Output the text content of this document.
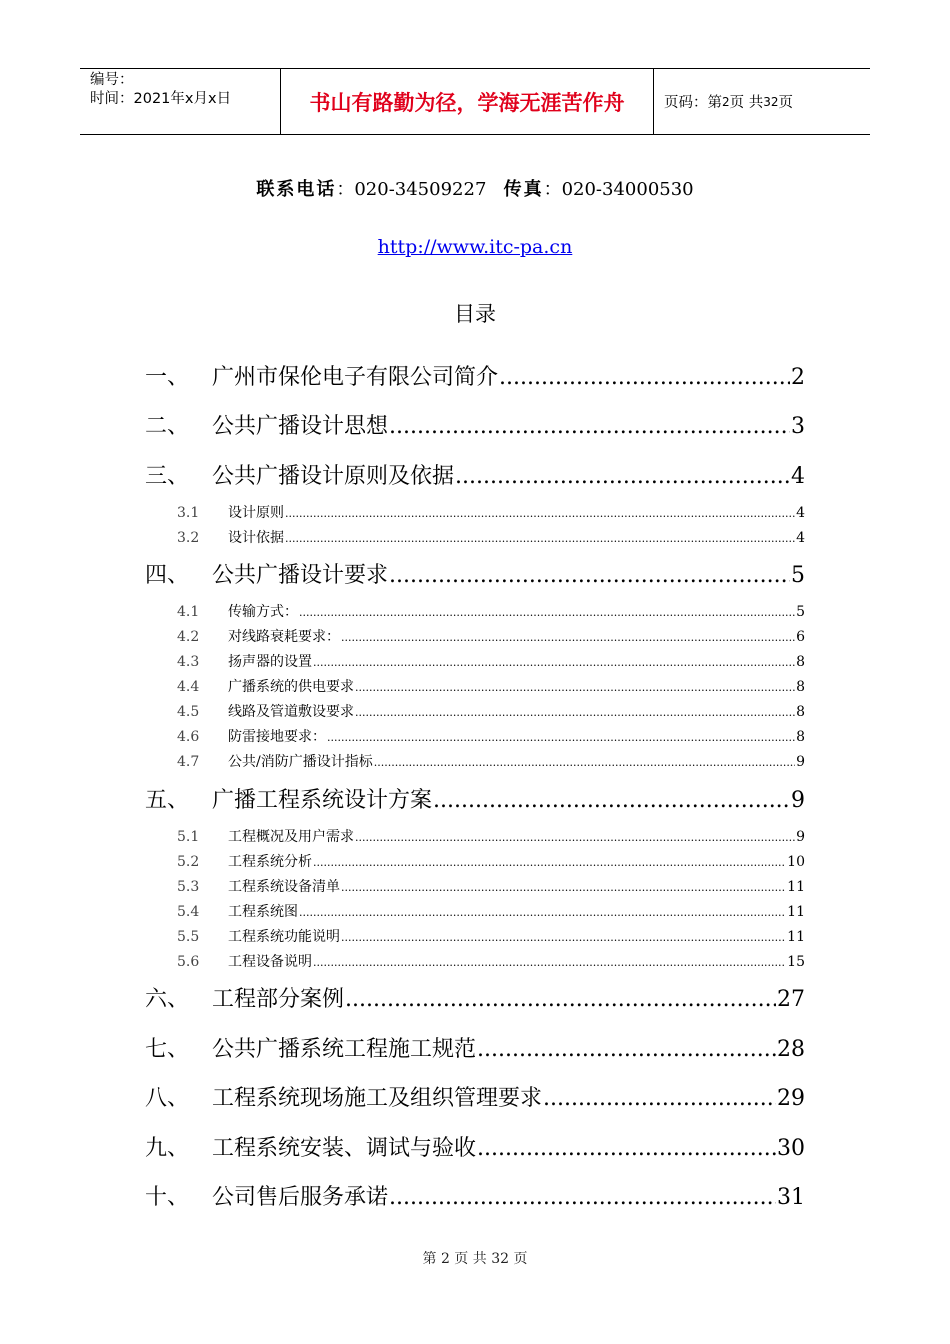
编号：
时间：2021年x月x日	书山有路勤为径，学海无涯苦作舟	页码：第 2 页 共 32 页
联系电话：020-34509227 传真：020-34000530
http://www.itc-pa.cn
目录
一、	广州市保伦电子有限公司简介 .....	2
二、	公共广播设计思想 .....	3
三、	公共广播设计原则及依据 .....	4
3.1	设计原则 .....	4
3.2	设计依据 .....	4
四、	公共广播设计要求 .....	5
4.1	传输方式： .....	5
4.2	对线路衰耗要求： .....	6
4.3	扬声器的设置 .....	8
4.4	广播系统的供电要求 .....	8
4.5	线路及管道敷设要求 .....	8
4.6	防雷接地要求： .....	8
4.7	公共/消防广播设计指标 .....	9
五、	广播工程系统设计方案 .....	9
5.1	工程概况及用户需求 .....	9
5.2	工程系统分析 .....	10
5.3	工程系统设备清单 .....	11
5.4	工程系统图 .....	11
5.5	工程系统功能说明 .....	11
5.6	工程设备说明 .....	15
六、	工程部分案例 .....	27
七、	公共广播系统工程施工规范 .....	28
八、	工程系统现场施工及组织管理要求 .....	29
九、	工程系统安装、调试与验收 .....	30
十、	公司售后服务承诺 .....	31
第 2 页 共 32 页
